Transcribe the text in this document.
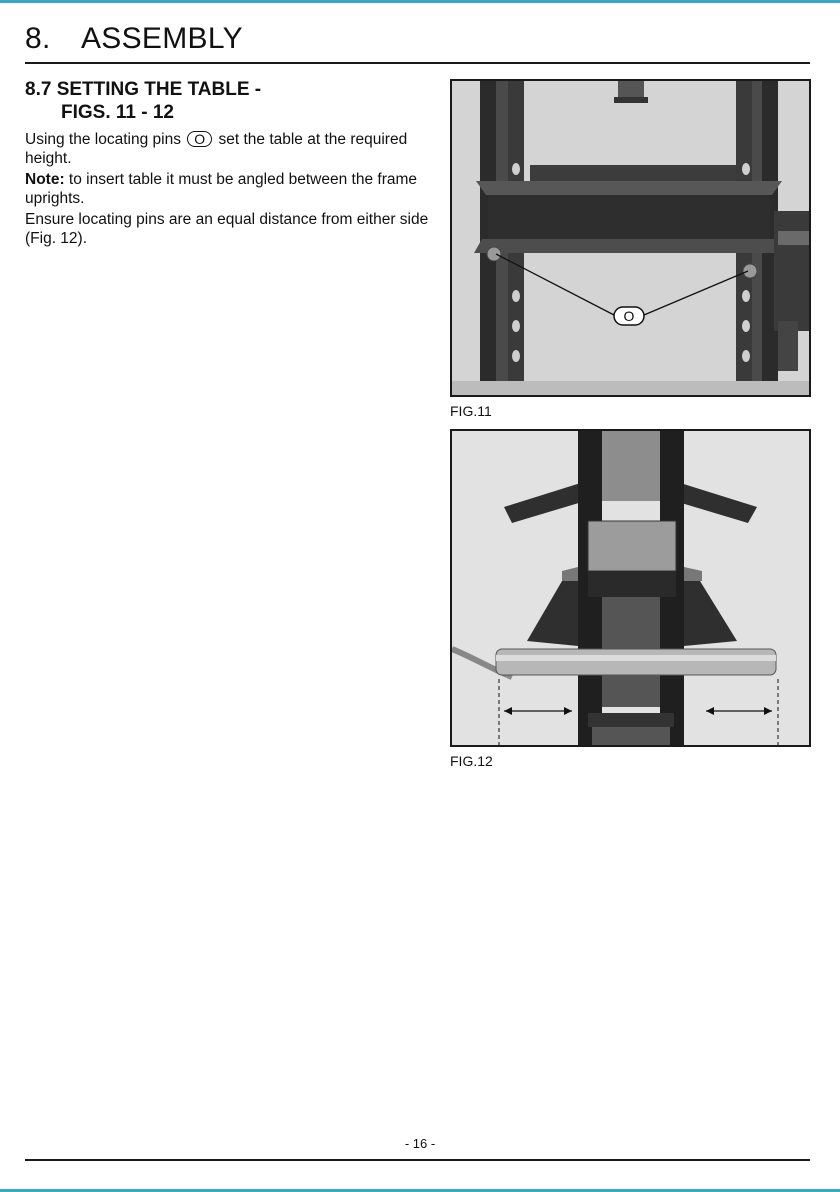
8. ASSEMBLY
8.7 SETTING THE TABLE -
FIGS. 11 - 12

Using the locating pins O set the table at the required height.

Note: to insert table it must be angled between the frame uprights.

Ensure locating pins are an equal distance from either side (Fig. 12).

O
FIG.11
FIG.12
- 16 -
